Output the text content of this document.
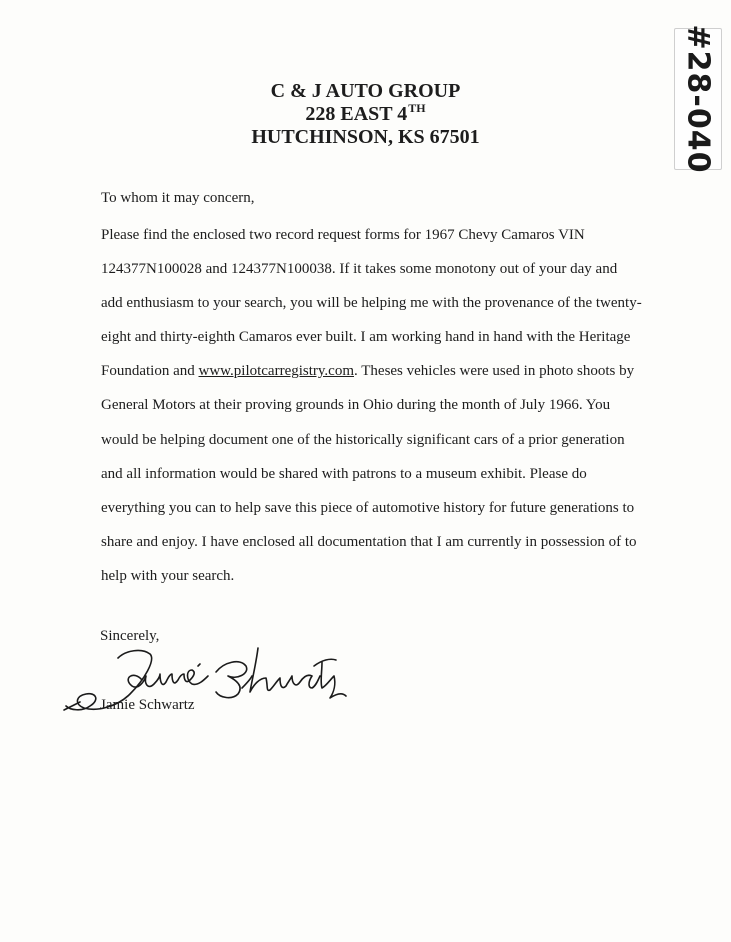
C & J AUTO GROUP
228 EAST 4TH
HUTCHINSON, KS 67501	#28-040
To whom it may concern,
Please find the enclosed two record request forms for 1967 Chevy Camaros VIN
124377N100028 and 124377N100038. If it takes some monotony out of your day and
add enthusiasm to your search, you will be helping me with the provenance of the twenty-
eight and thirty-eighth Camaros ever built. I am working hand in hand with the Heritage
Foundation and www.pilotcarregistry.com. Theses vehicles were used in photo shoots by
General Motors at their proving grounds in Ohio during the month of July 1966. You
would be helping document one of the historically significant cars of a prior generation
and all information would be shared with patrons to a museum exhibit. Please do
everything you can to help save this piece of automotive history for future generations to
share and enjoy. I have enclosed all documentation that I am currently in possession of to
help with your search.
Sincerely,
Jamie Schwartz
